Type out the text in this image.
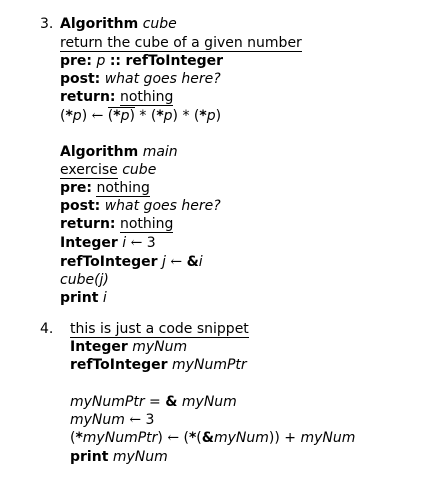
3. Algorithm cube
return the cube of a given number
pre: p :: refToInteger
post: what goes here?
return: nothing
(*p) ← (*p) * (*p) * (*p)
Algorithm main
exercise cube
pre: nothing
post: what goes here?
return: nothing
Integer i ← 3
refToInteger j ← &i
cube(j)
print i
4. this is just a code snippet
Integer myNum
refToInteger myNumPtr
myNumPtr = & myNum
myNum ← 3
(*myNumPtr) ← (*(&myNum)) + myNum
print myNum
